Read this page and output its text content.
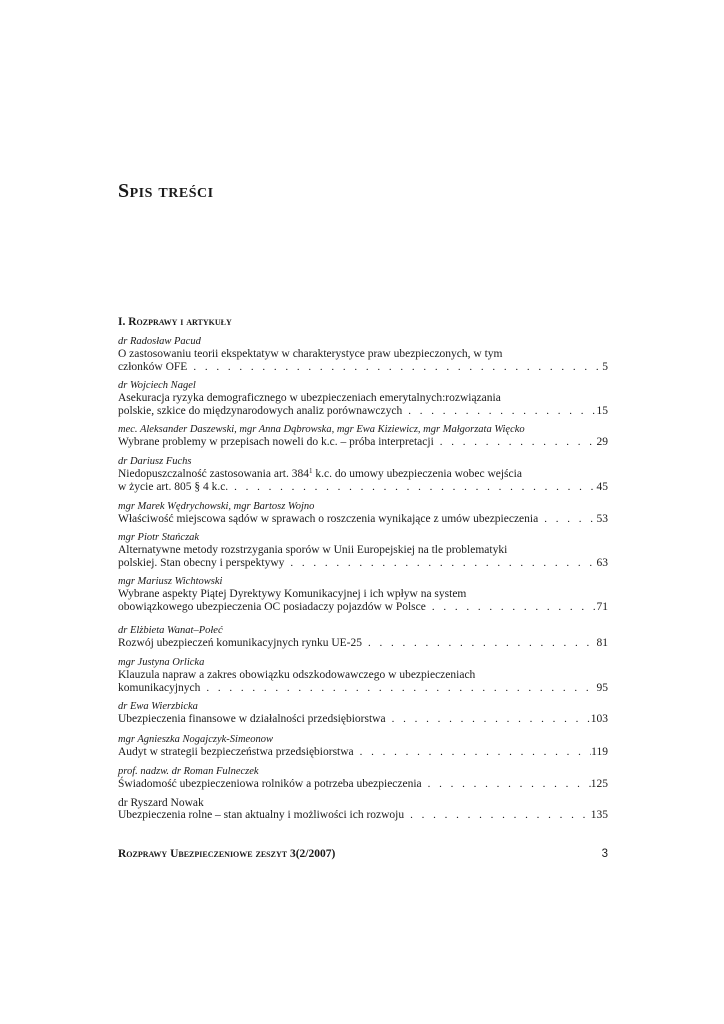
Spis treści
I. Rozprawy i artykuły
dr Radosław Pacud
O zastosowaniu teorii ekspektatyw w charakterystyce praw ubezpieczonych, w tym
członków OFE . . .	5
dr Wojciech Nagel
Asekuracja ryzyka demograficznego w ubezpieczeniach emerytalnych:rozwiązania
polskie, szkice do międzynarodowych analiz porównawczych . . .	15
mec. Aleksander Daszewski, mgr Anna Dąbrowska, mgr Ewa Kiziewicz, mgr Małgorzata Więcko
Wybrane problemy w przepisach noweli do k.c. – próba interpretacji . . .	29
dr Dariusz Fuchs
Niedopuszczalność zastosowania art. $384^1$ k.c. do umowy ubezpieczenia wobec wejścia
w życie art. 805 § 4 k.c. . . .	45
mgr Marek Wędrychowski, mgr Bartosz Wojno
Właściwość miejscowa sądów w sprawach o roszczenia wynikające z umów ubezpieczenia . . .	53
mgr Piotr Stańczak
Alternatywne metody rozstrzygania sporów w Unii Europejskiej na tle problematyki
polskiej. Stan obecny i perspektywy . . .	63
mgr Mariusz Wichtowski
Wybrane aspekty Piątej Dyrektywy Komunikacyjnej i ich wpływ na system
obowiązkowego ubezpieczenia OC posiadaczy pojazdów w Polsce . . .	71
dr Elżbieta Wanat–Połeć
Rozwój ubezpieczeń komunikacyjnych rynku UE-25 . . .	81
mgr Justyna Orlicka
Klauzula napraw a zakres obowiązku odszkodowawczego w ubezpieczeniach
komunikacyjnych . . .	95
dr Ewa Wierzbicka
Ubezpieczenia finansowe w działalności przedsiębiorstwa . . .	103
mgr Agnieszka Nogajczyk-Simeonow
Audyt w strategii bezpieczeństwa przedsiębiorstwa . . .	119
prof. nadzw. dr Roman Fulneczek
Świadomość ubezpieczeniowa rolników a potrzeba ubezpieczenia . . .	125
dr Ryszard Nowak
Ubezpieczenia rolne – stan aktualny i możliwości ich rozwoju . . .	135
Rozprawy Ubezpieczeniowe zeszyt 3(2/2007)	3
